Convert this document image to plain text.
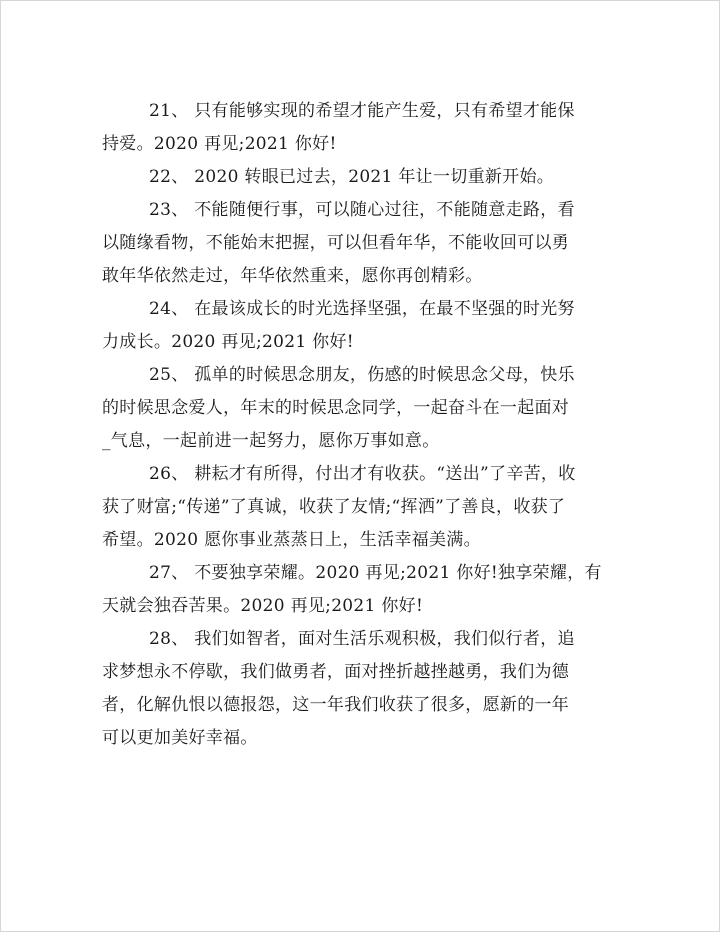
21、 只有能够实现的希望才能产生爱，只有希望才能保
持爱。2020 再见;2021 你好!

22、 2020 转眼已过去，2021 年让一切重新开始。

23、 不能随便行事，可以随心过往，不能随意走路，看
以随缘看物，不能始末把握，可以但看年华，不能收回可以勇
敢年华依然走过，年华依然重来，愿你再创精彩。

24、 在最该成长的时光选择坚强，在最不坚强的时光努
力成长。2020 再见;2021 你好!

25、 孤单的时候思念朋友，伤感的时候思念父母，快乐
的时候思念爱人，年末的时候思念同学，一起奋斗在一起面对
_气息，一起前进一起努力，愿你万事如意。

26、 耕耘才有所得，付出才有收获。“送出”了辛苦，收
获了财富;“传递”了真诚，收获了友情;“挥洒”了善良，收获了
希望。2020 愿你事业蒸蒸日上，生活幸福美满。

27、 不要独享荣耀。2020 再见;2021 你好!独享荣耀，有
天就会独吞苦果。2020 再见;2021 你好!

28、 我们如智者，面对生活乐观积极，我们似行者，追
求梦想永不停歇，我们做勇者，面对挫折越挫越勇，我们为德
者，化解仇恨以德报怨，这一年我们收获了很多，愿新的一年
可以更加美好幸福。
